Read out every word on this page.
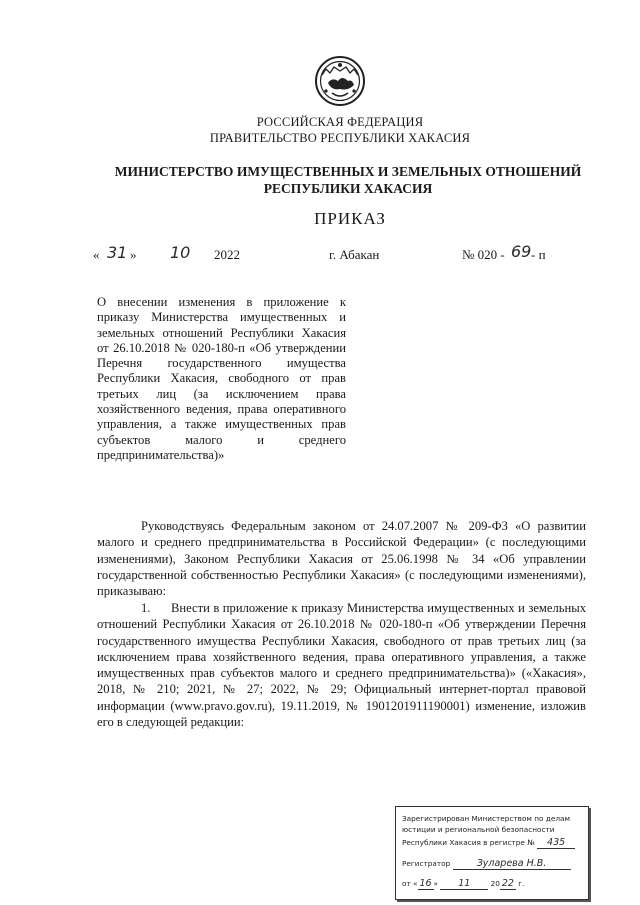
РОССИЙСКАЯ ФЕДЕРАЦИЯ
ПРАВИТЕЛЬСТВО РЕСПУБЛИКИ ХАКАСИЯ
МИНИСТЕРСТВО ИМУЩЕСТВЕННЫХ И ЗЕМЕЛЬНЫХ ОТНОШЕНИЙ
РЕСПУБЛИКИ ХАКАСИЯ
ПРИКАЗ
« 31 » 10 2022	г. Абакан	№ 020 - 69 - п
О внесении изменения в приложение к приказу Министерства имущественных и земельных отношений Республики Хакасия от 26.10.2018 № 020-180-п «Об утверждении Перечня государственного имущества Республики Хакасия, свободного от прав третьих лиц (за исключением права хозяйственного ведения, права оперативного управления, а также имущественных прав субъектов малого и среднего предпринимательства)»
Руководствуясь Федеральным законом от 24.07.2007 № 209-ФЗ «О развитии малого и среднего предпринимательства в Российской Федерации» (с последующими изменениями), Законом Республики Хакасия от 25.06.1998 № 34 «Об управлении государственной собственностью Республики Хакасия» (с последующими изменениями), приказываю:
1. Внести в приложение к приказу Министерства имущественных и земельных отношений Республики Хакасия от 26.10.2018 № 020-180-п «Об утверждении Перечня государственного имущества Республики Хакасия, свободного от прав третьих лиц (за исключением права хозяйственного ведения, права оперативного управления, а также имущественных прав субъектов малого и среднего предпринимательства)» («Хакасия», 2018, № 210; 2021, № 27; 2022, № 29; Официальный интернет-портал правовой информации (www.pravo.gov.ru), 19.11.2019, № 1901201911190001) изменение, изложив его в следующей редакции:
Зарегистрирован Министерством по делам
юстиции и региональной безопасности
Республики Хакасия в регистре № 435
Регистратор	Зуларева Н.В.
от « 16 » 11	20 22 г.
